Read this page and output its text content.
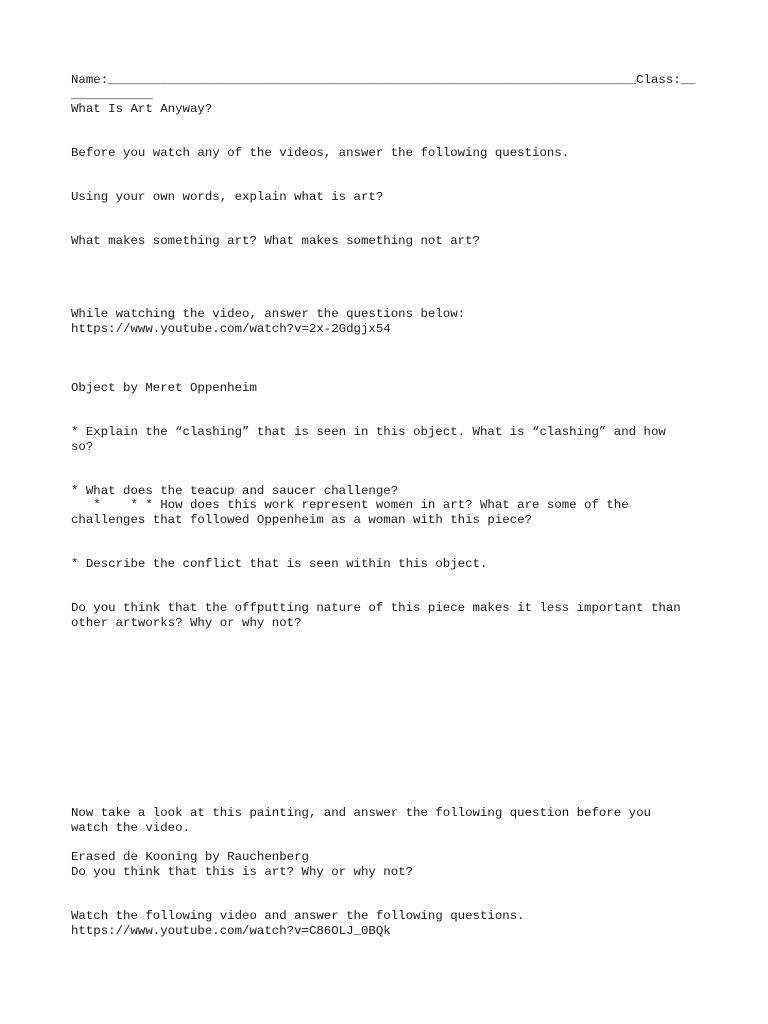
Name:_______________________________________________________________________Class:__

___________

What Is Art Anyway?

Before you watch any of the videos, answer the following questions.

Using your own words, explain what is art?

What makes something art? What makes something not art?

While watching the video, answer the questions below:

https://www.youtube.com/watch?v=2x-2Gdgjx54

Object by Meret Oppenheim

* Explain the “clashing” that is seen in this object. What is “clashing” and how

so?

* What does the teacup and saucer challenge?

*    * * How does this work represent women in art? What are some of the

challenges that followed Oppenheim as a woman with this piece?

* Describe the conflict that is seen within this object.

Do you think that the offputting nature of this piece makes it less important than

other artworks? Why or why not?

Now take a look at this painting, and answer the following question before you

watch the video.

Erased de Kooning by Rauchenberg

Do you think that this is art? Why or why not?

Watch the following video and answer the following questions.

https://www.youtube.com/watch?v=C86OLJ_0BQk
